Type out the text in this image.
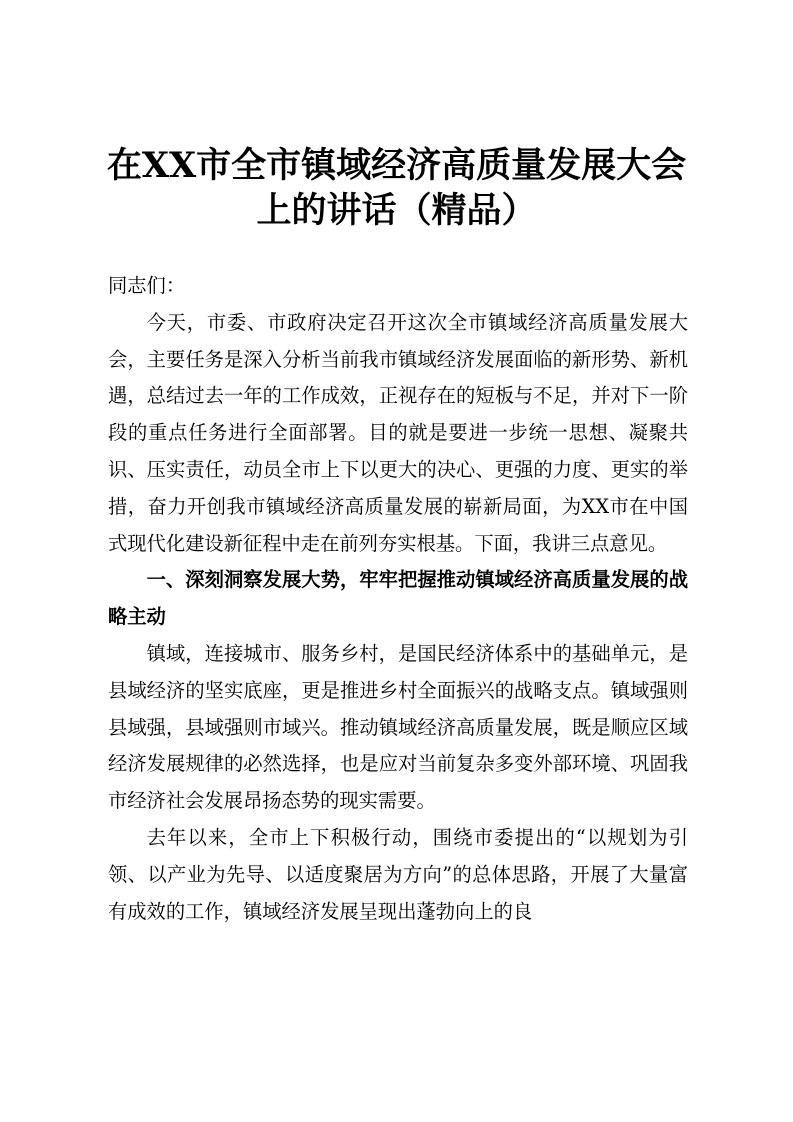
在XX市全市镇域经济高质量发展大会
上的讲话（精品）

同志们：

今天，市委、市政府决定召开这次全市镇域经济高质量发展大会，主要任务是深入分析当前我市镇域经济发展面临的新形势、新机遇，总结过去一年的工作成效，正视存在的短板与不足，并对下一阶段的重点任务进行全面部署。目的就是要进一步统一思想、凝聚共识、压实责任，动员全市上下以更大的决心、更强的力度、更实的举措，奋力开创我市镇域经济高质量发展的崭新局面，为XX市在中国式现代化建设新征程中走在前列夯实根基。下面，我讲三点意见。

一、深刻洞察发展大势，牢牢把握推动镇域经济高质量发展的战略主动

镇域，连接城市、服务乡村，是国民经济体系中的基础单元，是县域经济的坚实底座，更是推进乡村全面振兴的战略支点。镇域强则县域强，县域强则市域兴。推动镇域经济高质量发展，既是顺应区域经济发展规律的必然选择，也是应对当前复杂多变外部环境、巩固我市经济社会发展昂扬态势的现实需要。

去年以来，全市上下积极行动，围绕市委提出的“以规划为引领、以产业为先导、以适度聚居为方向”的总体思路，开展了大量富有成效的工作，镇域经济发展呈现出蓬勃向上的良
